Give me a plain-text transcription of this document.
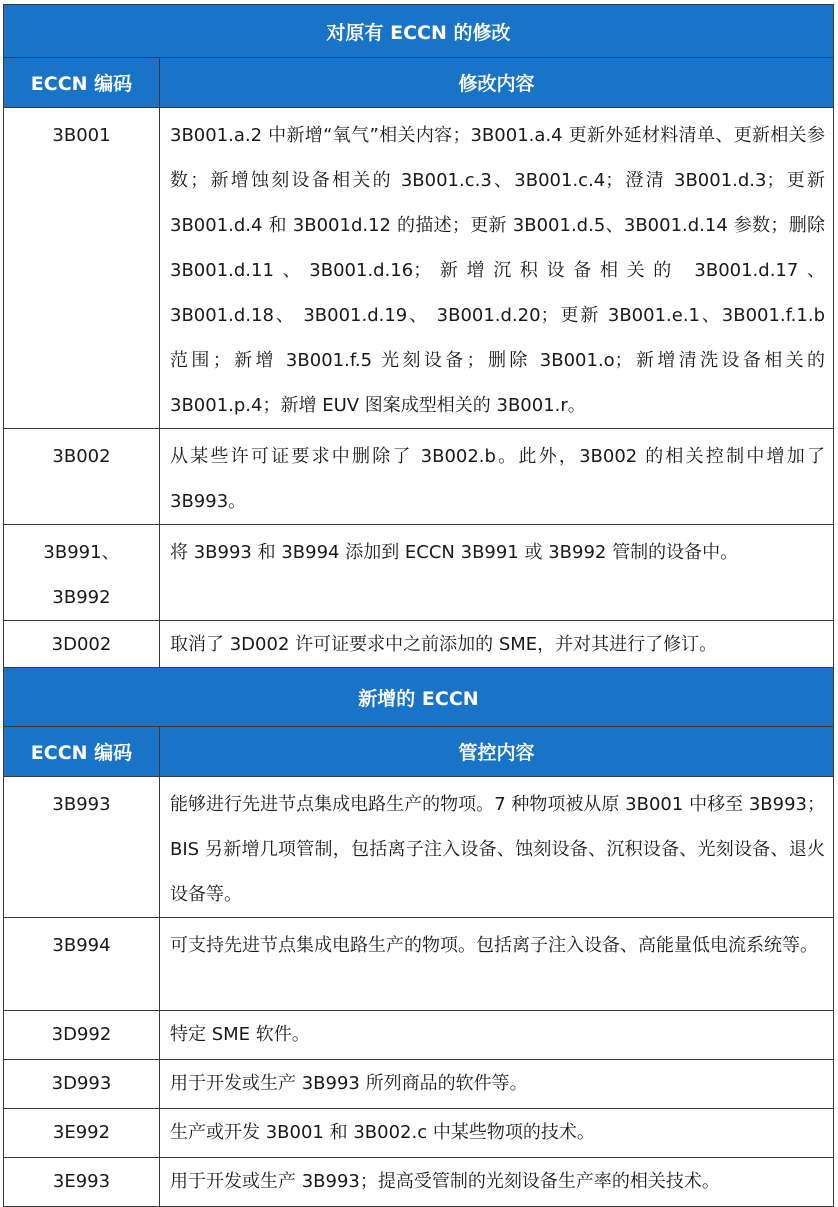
对原有 ECCN 的修改	
ECCN 编码	修改内容
3B001	3B001.a.2 中新增“氧气”相关内容；3B001.a.4 更新外延材料清单、更新相关参数；新增蚀刻设备相关的 3B001.c.3、3B001.c.4；澄清 3B001.d.3；更新 3B001.d.4 和 3B001d.12 的描述；更新 3B001.d.5、3B001.d.14 参数；删除 3B001.d.11、3B001.d.16；新增沉积设备相关的 3B001.d.17、 3B001.d.18、 3B001.d.19、 3B001.d.20；更新 3B001.e.1、3B001.f.1.b 范围；新增 3B001.f.5 光刻设备；删除 3B001.o；新增清洗设备相关的 3B001.p.4；新增 EUV 图案成型相关的 3B001.r。
3B002	从某些许可证要求中删除了 3B002.b。此外，3B002 的相关控制中增加了 3B993。
3B991、 3B992	将 3B993 和 3B994 添加到 ECCN 3B991 或 3B992 管制的设备中。
3D002	取消了 3D002 许可证要求中之前添加的 SME，并对其进行了修订。
新增的 ECCN	
ECCN 编码	管控内容
3B993	能够进行先进节点集成电路生产的物项。7 种物项被从原 3B001 中移至 3B993；BIS 另新增几项管制，包括离子注入设备、蚀刻设备、沉积设备、光刻设备、退火设备等。
3B994	可支持先进节点集成电路生产的物项。包括离子注入设备、高能量低电流系统等。
3D992	特定 SME 软件。
3D993	用于开发或生产 3B993 所列商品的软件等。
3E992	生产或开发 3B001 和 3B002.c 中某些物项的技术。
3E993	用于开发或生产 3B993；提高受管制的光刻设备生产率的相关技术。
